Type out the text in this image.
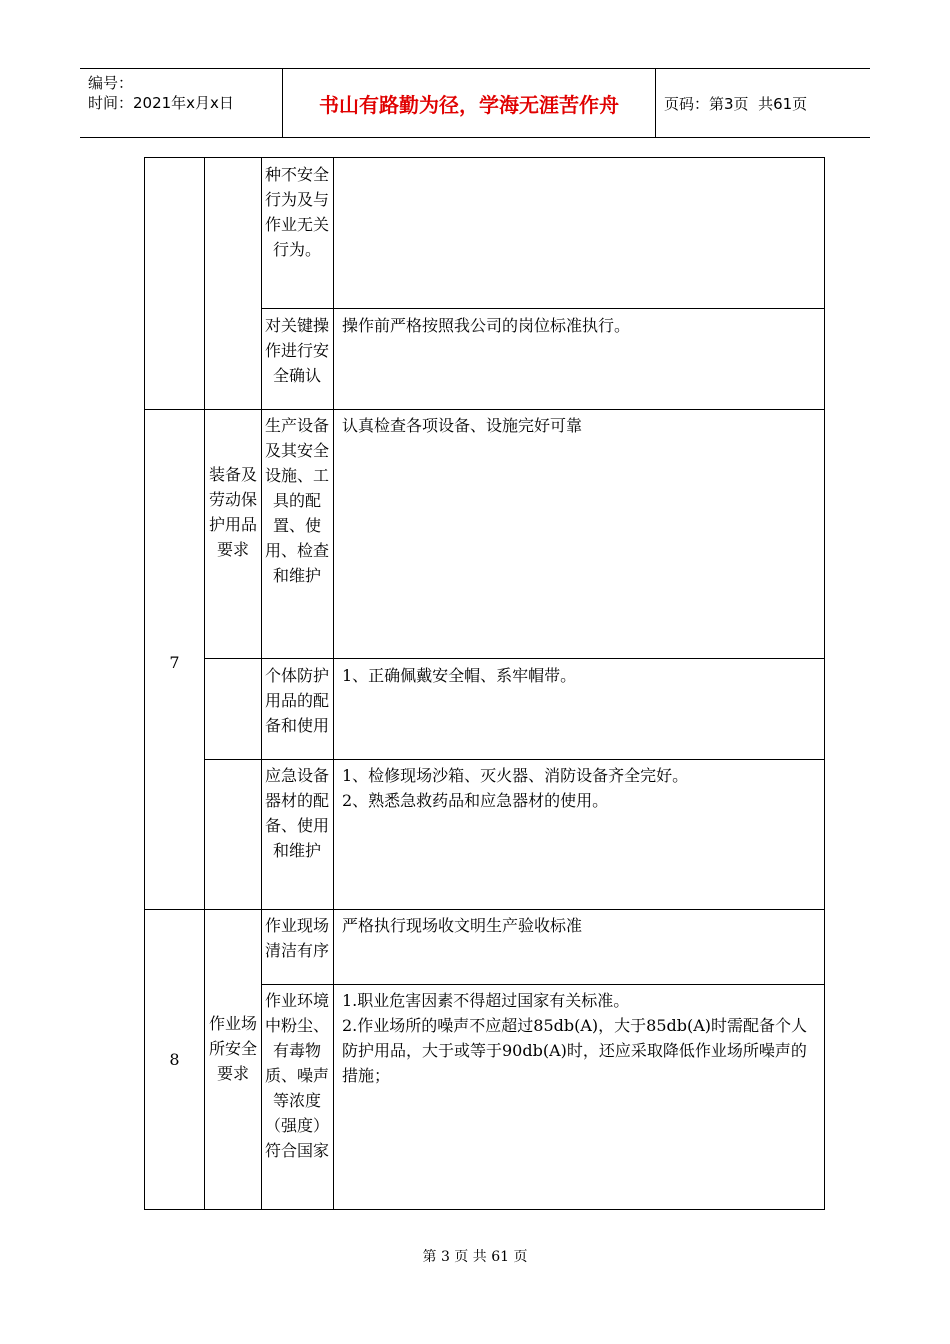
编号：
时间：2021年x月x日	书山有路勤为径，学海无涯苦作舟	页码：第3页  共61页
种不安全行为及与作业无关行为。
对关键操作进行安全确认
操作前严格按照我公司的岗位标准执行。
7
装备及劳动保护用品要求
生产设备及其安全设施、工具的配置、使用、检查和维护
认真检查各项设备、设施完好可靠
个体防护用品的配备和使用
1、正确佩戴安全帽、系牢帽带。
应急设备器材的配备、使用和维护
1、检修现场沙箱、灭火器、消防设备齐全完好。
2、熟悉急救药品和应急器材的使用。
8
作业场所安全要求
作业现场清洁有序
严格执行现场收文明生产验收标准
作业环境中粉尘、有毒物质、噪声等浓度（强度）符合国家
1.职业危害因素不得超过国家有关标准。
2.作业场所的噪声不应超过85db(A)，大于85db(A)时需配备个人防护用品，大于或等于90db(A)时，还应采取降低作业场所噪声的措施；
第 3 页 共 61 页
